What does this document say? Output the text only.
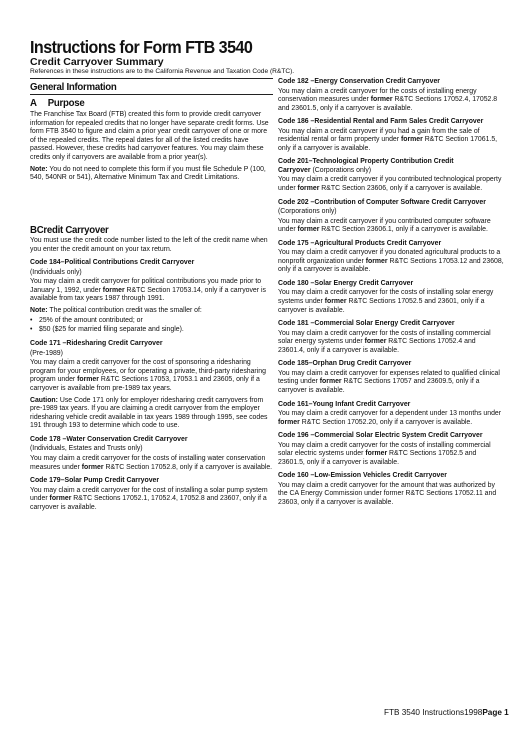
Instructions for Form FTB 3540
Credit Carryover Summary
References in these instructions are to the California Revenue and Taxation Code (R&TC).
General Information
A Purpose

The Franchise Tax Board (FTB) created this form to provide credit carryover information for repealed credits that no longer have separate credit forms. Use form FTB 3540 to figure and claim a prior year credit carryover of one or more of the repealed credits. The repeal dates for all of the listed credits have passed. However, these credits had carryover features. You may claim these credits only if carryovers are available from a prior year(s).

Note: You do not need to complete this form if you must file Schedule P (100, 540, 540NR or 541), Alternative Minimum Tax and Credit Limitations.

BCredit Carryover

You must use the credit code number listed to the left of the credit name when you enter the credit amount on your tax return.

Code 184–Political Contributions Credit Carryover

(Individuals only)

You may claim a credit carryover for political contributions you made prior to January 1, 1992, under former R&TC Section 17053.14, only if a carryover is available from tax years 1987 through 1991.

Note: The political contribution credit was the smaller of:

• 25% of the amount contributed; or

• $50 ($25 for married filing separate and single).

Code 171 –Ridesharing Credit Carryover

(Pre-1989)

You may claim a credit carryover for the cost of sponsoring a ridesharing program for your employees, or for operating a private, third-party ridesharing program under former R&TC Sections 17053, 17053.1 and 23605, only if a carryover is available from pre-1989 tax years.

Caution: Use Code 171 only for employer ridesharing credit carryovers from pre-1989 tax years. If you are claiming a credit carryover from the employer ridesharing vehicle credit available in tax years 1989 through 1995, see codes 191 through 193 to determine which code to use.

Code 178 –Water Conservation Credit Carryover

(Individuals, Estates and Trusts only)

You may claim a credit carryover for the costs of installing water conservation measures under former R&TC Section 17052.8, only if a carryover is available.

Code 179–Solar Pump Credit Carryover

You may claim a credit carryover for the cost of installing a solar pump system under former R&TC Sections 17052.1, 17052.4, 17052.8 and 23607, only if a carryover is available.

Code 182 –Energy Conservation Credit Carryover

You may claim a credit carryover for the costs of installing energy conservation measures under former R&TC Sections 17052.4, 17052.8 and 23601.5, only if a carryover is available.

Code 186 –Residential Rental and Farm Sales Credit Carryover

You may claim a credit carryover if you had a gain from the sale of residential rental or farm property under former R&TC Section 17061.5, only if a carryover is available.

Code 201–Technological Property Contribution Credit

Carryover (Corporations only)

You may claim a credit carryover if you contributed technological property under former R&TC Section 23606, only if a carryover is available.

Code 202 –Contribution of Computer Software Credit Carryover

(Corporations only)

You may claim a credit carryover if you contributed computer software under former R&TC Section 23606.1, only if a carryover is available.

Code 175 –Agricultural Products Credit Carryover

You may claim a credit carryover if you donated agricultural products to a nonprofit organization under former R&TC Sections 17053.12 and 23608, only if a carryover is available.

Code 180 –Solar Energy Credit Carryover

You may claim a credit carryover for the costs of installing solar energy systems under former R&TC Sections 17052.5 and 23601, only if a carryover is available.

Code 181 –Commercial Solar Energy Credit Carryover

You may claim a credit carryover for the costs of installing commercial solar energy systems under former R&TC Sections 17052.4 and 23601.4, only if a carryover is available.

Code 185–Orphan Drug Credit Carryover

You may claim a credit carryover for expenses related to qualified clinical testing under former R&TC Sections 17057 and 23609.5, only if a carryover is available.

Code 161–Young Infant Credit Carryover

You may claim a credit carryover for a dependent under 13 months under former R&TC Section 17052.20, only if a carryover is available.

Code 196 –Commercial Solar Electric System Credit Carryover

You may claim a credit carryover for the costs of installing commercial solar electric systems under former R&TC Sections 17052.5 and 23601.5, only if a carryover is available.

Code 160 –Low-Emission Vehicles Credit Carryover

You may claim a credit carryover for the amount that was authorized by the CA Energy Commission under former R&TC Sections 17052.11 and 23603, only if a carryover is available.

FTB 3540 Instructions1998Page 1
